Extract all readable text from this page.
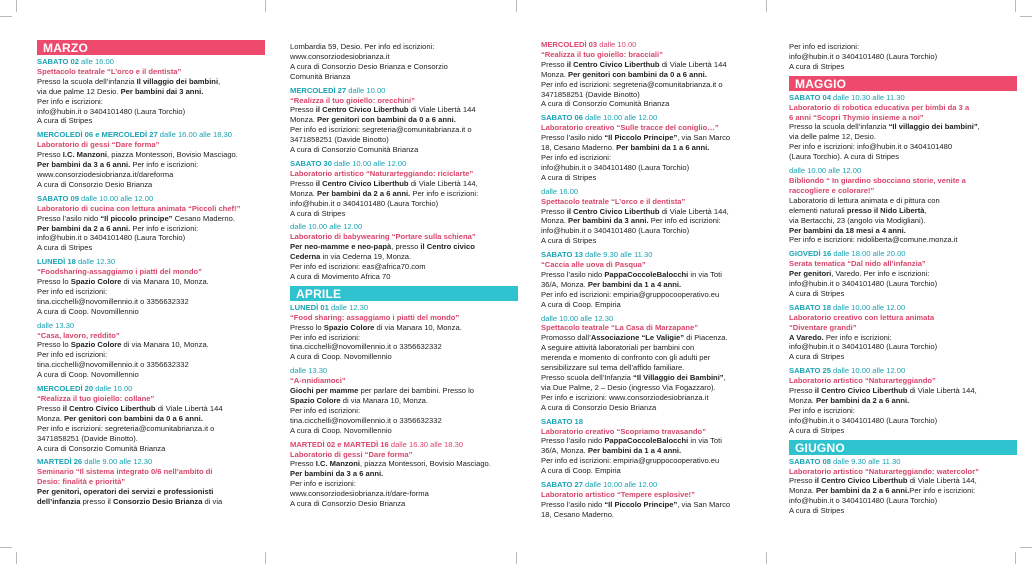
MARZO
SABATO 02 alle 16.00
Spettacolo teatrale “L’orco e il dentista”
Presso la scuola dell’infanzia Il villaggio dei bambini,
via due palme 12 Desio. Per bambini dai 3 anni.
Per info e iscrizioni:
info@hubin.it o 3404101480 (Laura Torchio)
A cura di Stripes
MERCOLEDÌ 06 e MERCOLEDÌ 27 dalle 16.00 alle 18.30
Laboratorio di gessi “Dare forma”
Presso I.C. Manzoni, piazza Montessori, Bovisio Masciago.
Per bambini da 3 a 6 anni. Per info e iscrizioni:
www.consorziodesiobrianza.it/dareforma
A cura di Consorzio Desio Brianza
SABATO 09 dalle 10.00 alle 12.00
Laboratorio di cucina con lettura animata “Piccoli chef!”
Presso l’asilo nido “Il piccolo principe” Cesano Maderno.
Per bambini da 2 a 6 anni. Per info e iscrizioni:
info@hubin.it o 3404101480 (Laura Torchio)
A cura di Stripes
LUNEDÌ 18 dalle 12.30
“Foodsharing-assaggiamo i piatti del mondo”
Presso lo Spazio Colore di via Manara 10, Monza.
Per info ed iscrizioni:
tina.cicchelli@novomillennio.it o 3356632332
A cura di Coop. Novomillennio
dalle 13.30
“Casa, lavoro, reddito”
Presso lo Spazio Colore di via Manara 10, Monza.
Per info ed iscrizioni:
tina.cicchelli@novomillennio.it o 3356632332
A cura di Coop. Novomillennio
MERCOLEDÌ 20 dalle 10.00
“Realizza il tuo gioiello: collane”
Presso il Centro Civico Liberthub di Viale Libertà 144
Monza. Per genitori con bambini da 0 a 6 anni.
Per info e iscrizioni: segreteria@comunitabrianza.it o
3471858251 (Davide Binotto).
A cura di Consorzio Comunità Brianza
MARTEDÌ 26 dalle 9.00 alle 12.30
Seminario “Il sistema integrato 0/6 nell’ambito di
Desio: finalità e priorità”
Per genitori, operatori dei servizi e professionisti
dell’infanzia presso il Consorzio Desio Brianza di via
Lombardia 59, Desio. Per info ed iscrizioni:
www.consorziodesiobrianza.it
A cura di Consorzio Desio Brianza e Consorzio
Comunità Brianza
MERCOLEDÌ 27 dalle 10.00
“Realizza il tuo gioiello: orecchini”
Presso il Centro Civico Liberthub di Viale Libertà 144
Monza. Per genitori con bambini da 0 a 6 anni.
Per info ed iscrizioni: segreteria@comunitabrianza.it o
3471858251 (Davide Binotto)
A cura di Consorzio Comunità Brianza
SABATO 30 dalle 10.00 alle 12.00
Laboratorio artistico “Naturarteggiando: riciclarte”
Presso il Centro Civico Liberthub di Viale Libertà 144,
Monza. Per bambini da 2 a 6 anni. Per info e iscrizioni:
info@hubin.it o 3404101480 (Laura Torchio)
A cura di Stripes
dalle 10.00 alle 12.00
Laboratorio di babywearing “Portare sulla schiena”
Per neo-mamme e neo-papà, presso il Centro civico
Cederna in via Cederna 19, Monza.
Per info ed iscrizioni: eas@africa70.com
A cura di Movimento Africa 70
APRILE
LUNEDÌ 01 dalle 12.30
“Food sharing: assaggiamo i piatti del mondo”
Presso lo Spazio Colore di via Manara 10, Monza.
Per info ed iscrizioni:
tina.cicchelli@novomillennio.it o 3356632332
A cura di Coop. Novomillennio
dalle 13.30
“A-nnidiamoci”
Giochi per mamme per parlare dei bambini. Presso lo
Spazio Colore di via Manara 10, Monza.
Per info ed iscrizioni:
tina.cicchelli@novomillennio.it o 3356632332
A cura di Coop. Novomillennio
MARTEDÌ 02 e MARTEDÌ 16 dalle 16.30 alle 18.30
Laboratorio di gessi “Dare forma”
Presso I.C. Manzoni, piazza Montessori, Bovisio Masciago.
Per bambini da 3 a 6 anni.
Per info e iscrizioni:
www.consorziodesiobrianza.it/dare-forma
A cura di Consorzio Desio Brianza
MERCOLEDÌ 03 dalle 10.00
“Realizza il tuo gioiello: bracciali”
Presso il Centro Civico Liberthub di Viale Libertà 144
Monza. Per genitori con bambini da 0 a 6 anni.
Per info ed iscrizioni: segreteria@comunitabrianza.it o
3471858251 (Davide Binotto)
A cura di Consorzio Comunità Brianza
SABATO 06 dalle 10.00 alle 12.00
Laboratorio creativo “Sulle tracce del coniglio…”
Presso l’asilo nido “Il Piccolo Principe”, via San Marco
18, Cesano Maderno. Per bambini da 1 a 6 anni.
Per info ed iscrizioni:
info@hubin.it o 3404101480 (Laura Torchio)
A cura di Stripes
dalle 16.00
Spettacolo teatrale “L’orco e il dentista”
Presso il Centro Civico Liberthub di Viale Libertà 144,
Monza. Per bambini da 3 anni. Per info ed iscrizioni:
info@hubin.it o 3404101480 (Laura Torchio)
A cura di Stripes
SABATO 13 dalle 9.30 alle 11.30
“Caccia alle uova di Pasqua”
Presso l’asilo nido PappaCoccoleBalocchi in via Toti
36/A, Monza. Per bambini da 1 a 4 anni.
Per info ed iscrizioni: empiria@gruppocooperativo.eu
A cura di Coop. Empiria
dalle 10.00 alle 12.30
Spettacolo teatrale “La Casa di Marzapane”
Promosso dall’Associazione “Le Valigie” di Piacenza.
A seguire attività laboratoriali per bambini con
merenda e momento di confronto con gli adulti per
sensibilizzare sul tema dell’affido familiare.
Presso scuola dell’Infanzia “Il Villaggio dei Bambini”,
via Due Palme, 2 – Desio (ingresso Via Fogazzaro).
Per info e iscrizioni: www.consorziodesiobrianza.it
A cura di Consorzio Desio Brianza
SABATO 18
Laboratorio creativo “Scopriamo travasando”
Presso l’asilo nido PappaCoccoleBalocchi in via Toti
36/A, Monza. Per bambini da 1 a 4 anni.
Per info ed iscrizioni: empiria@gruppocooperativo.eu
A cura di Coop. Empiria
SABATO 27 dalle 10.00 alle 12.00
Laboratorio artistico “Tempere esplosive!”
Presso l’asilo nido “Il Piccolo Principe”, via San Marco
18, Cesano Maderno.
Per info ed iscrizioni:
info@hubin.it o 3404101480 (Laura Torchio)
A cura di Stripes
MAGGIO
SABATO 04 dalle 10.30 alle 11.30
Laboratorio di robotica educativa per bimbi da 3 a
6 anni “Scopri Thymio insieme a noi”
Presso la scuola dell’infanzia “Il villaggio dei bambini”,
via delle palme 12, Desio.
Per info e iscrizioni: info@hubin.it o 3404101480
(Laura Torchio). A cura di Stripes
dalle 10.00 alle 12.00
Bibliondo “ In giardino sbocciano storie, venite a
raccogliere e colorare!”
Laboratorio di lettura animata e di pittura con
elementi naturali presso il Nido Libertà,
via Bertacchi, 23 (angolo via Modigliani).
Per bambini da 18 mesi a 4 anni.
Per info e iscrizioni: nidoliberta@comune.monza.it
GIOVEDÌ 16 dalle 18.00 alle 20.00
Serata tematica “Dal nido all’infanzia”
Per genitori, Varedo. Per info e iscrizioni:
info@hubin.it o 3404101480 (Laura Torchio)
A cura di Stripes
SABATO 18 dalle 10.00 alle 12.00
Laboratorio creativo con lettura animata
“Diventare grandi”
A Varedo. Per info e iscrizioni:
info@hubin.it o 3404101480 (Laura Torchio)
A cura di Stripes
SABATO 25 dalle 10.00 alle 12.00
Laboratorio artistico “Naturarteggiando”
Presso il Centro Civico Liberthub di Viale Libertà 144,
Monza. Per bambini da 2 a 6 anni.
Per info e iscrizioni:
info@hubin.it o 3404101480 (Laura Torchio)
A cura di Stripes
GIUGNO
SABATO 08 dalle 9.30 alle 11.30
Laboratorio artistico “Naturarteggiando: watercolor”
Presso il Centro Civico Liberthub di Viale Libertà 144,
Monza. Per bambini da 2 a 6 anni.Per info e iscrizioni:
info@hubin.it o 3404101480 (Laura Torchio)
A cura di Stripes
